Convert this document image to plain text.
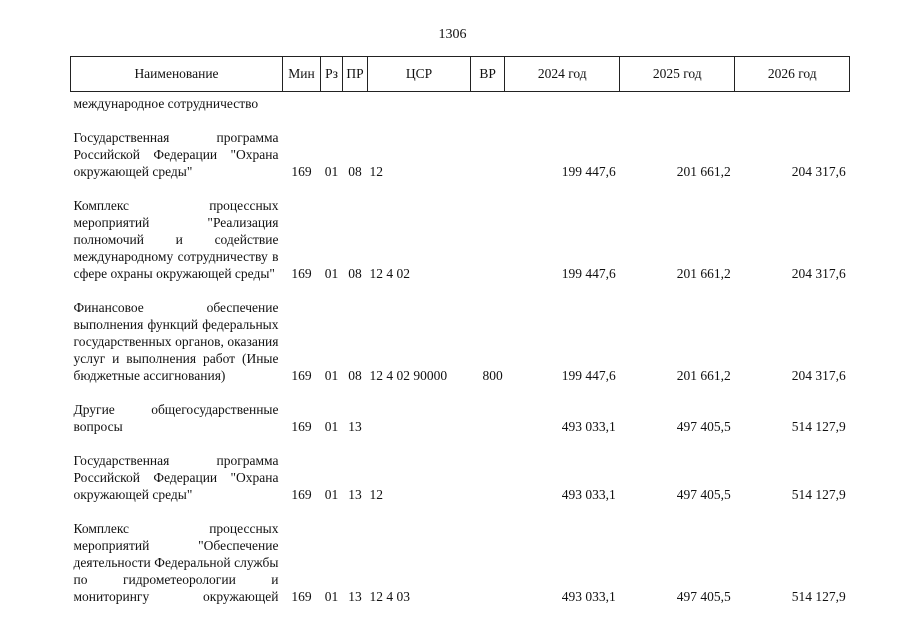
1306
Наименование	Мин	Рз	ПР	ЦСР	ВР	2024 год	2025 год	2026 год
международное сотрудничество								

Государственная программа Российской Федерации "Охрана окружающей среды"	169	01	08	12		199 447,6	201 661,2	204 317,6

Комплекс процессных мероприятий "Реализация полномочий и содействие международному сотрудничеству в сфере охраны окружающей среды"	169	01	08	12 4 02		199 447,6	201 661,2	204 317,6

Финансовое обеспечение выполнения функций федеральных государственных органов, оказания услуг и выполнения работ (Иные бюджетные ассигнования)	169	01	08	12 4 02 90000	800	199 447,6	201 661,2	204 317,6

Другие общегосударственные вопросы	169	01	13			493 033,1	497 405,5	514 127,9

Государственная программа Российской Федерации "Охрана окружающей среды"	169	01	13	12		493 033,1	497 405,5	514 127,9

Комплекс процессных мероприятий "Обеспечение деятельности Федеральной службы по гидрометеорологии и мониторингу окружающей	169	01	13	12 4 03		493 033,1	497 405,5	514 127,9
